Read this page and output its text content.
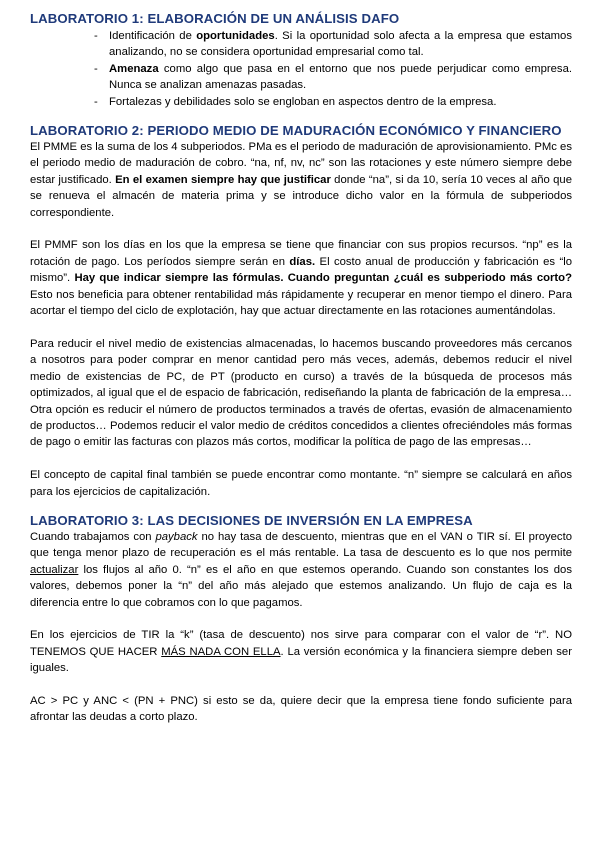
LABORATORIO 1: ELABORACIÓN DE UN ANÁLISIS DAFO
- Identificación de oportunidades. Si la oportunidad solo afecta a la empresa que estamos analizando, no se considera oportunidad empresarial como tal.
- Amenaza como algo que pasa en el entorno que nos puede perjudicar como empresa. Nunca se analizan amenazas pasadas.
- Fortalezas y debilidades solo se engloban en aspectos dentro de la empresa.
LABORATORIO 2: PERIODO MEDIO DE MADURACIÓN ECONÓMICO Y FINANCIERO

El PMME es la suma de los 4 subperiodos. PMa es el periodo de maduración de aprovisionamiento. PMc es el periodo medio de maduración de cobro. “na, nf, nv, nc” son las rotaciones y este número siempre debe estar justificado. En el examen siempre hay que justificar donde “na”, si da 10, sería 10 veces al año que se renueva el almacén de materia prima y se introduce dicho valor en la fórmula de subperiodos correspondiente.

El PMMF son los días en los que la empresa se tiene que financiar con sus propios recursos. “np” es la rotación de pago. Los períodos siempre serán en días. El costo anual de producción y fabricación es “lo mismo”. Hay que indicar siempre las fórmulas. Cuando preguntan ¿cuál es subperiodo más corto? Esto nos beneficia para obtener rentabilidad más rápidamente y recuperar en menor tiempo el dinero. Para acortar el tiempo del ciclo de explotación, hay que actuar directamente en las rotaciones aumentándolas.

Para reducir el nivel medio de existencias almacenadas, lo hacemos buscando proveedores más cercanos a nosotros para poder comprar en menor cantidad pero más veces, además, debemos reducir el nivel medio de existencias de PC, de PT (producto en curso) a través de la búsqueda de procesos más optimizados, al igual que el de espacio de fabricación, rediseñando la planta de fabricación de la empresa… Otra opción es reducir el número de productos terminados a través de ofertas, evasión de almacenamiento de productos… Podemos reducir el valor medio de créditos concedidos a clientes ofreciéndoles más formas de pago o emitir las facturas con plazos más cortos, modificar la política de pago de las empresas…

El concepto de capital final también se puede encontrar como montante. “n” siempre se calculará en años para los ejercicios de capitalización.

LABORATORIO 3: LAS DECISIONES DE INVERSIÓN EN LA EMPRESA

Cuando trabajamos con payback no hay tasa de descuento, mientras que en el VAN o TIR sí. El proyecto que tenga menor plazo de recuperación es el más rentable. La tasa de descuento es lo que nos permite actualizar los flujos al año 0. “n” es el año en que estemos operando. Cuando son constantes los dos valores, debemos poner la “n” del año más alejado que estemos analizando. Un flujo de caja es la diferencia entre lo que cobramos con lo que pagamos.

En los ejercicios de TIR la “k” (tasa de descuento) nos sirve para comparar con el valor de “r”. NO TENEMOS QUE HACER MÁS NADA CON ELLA. La versión económica y la financiera siempre deben ser iguales.

AC > PC y ANC < (PN + PNC) si esto se da, quiere decir que la empresa tiene fondo suficiente para afrontar las deudas a corto plazo.
